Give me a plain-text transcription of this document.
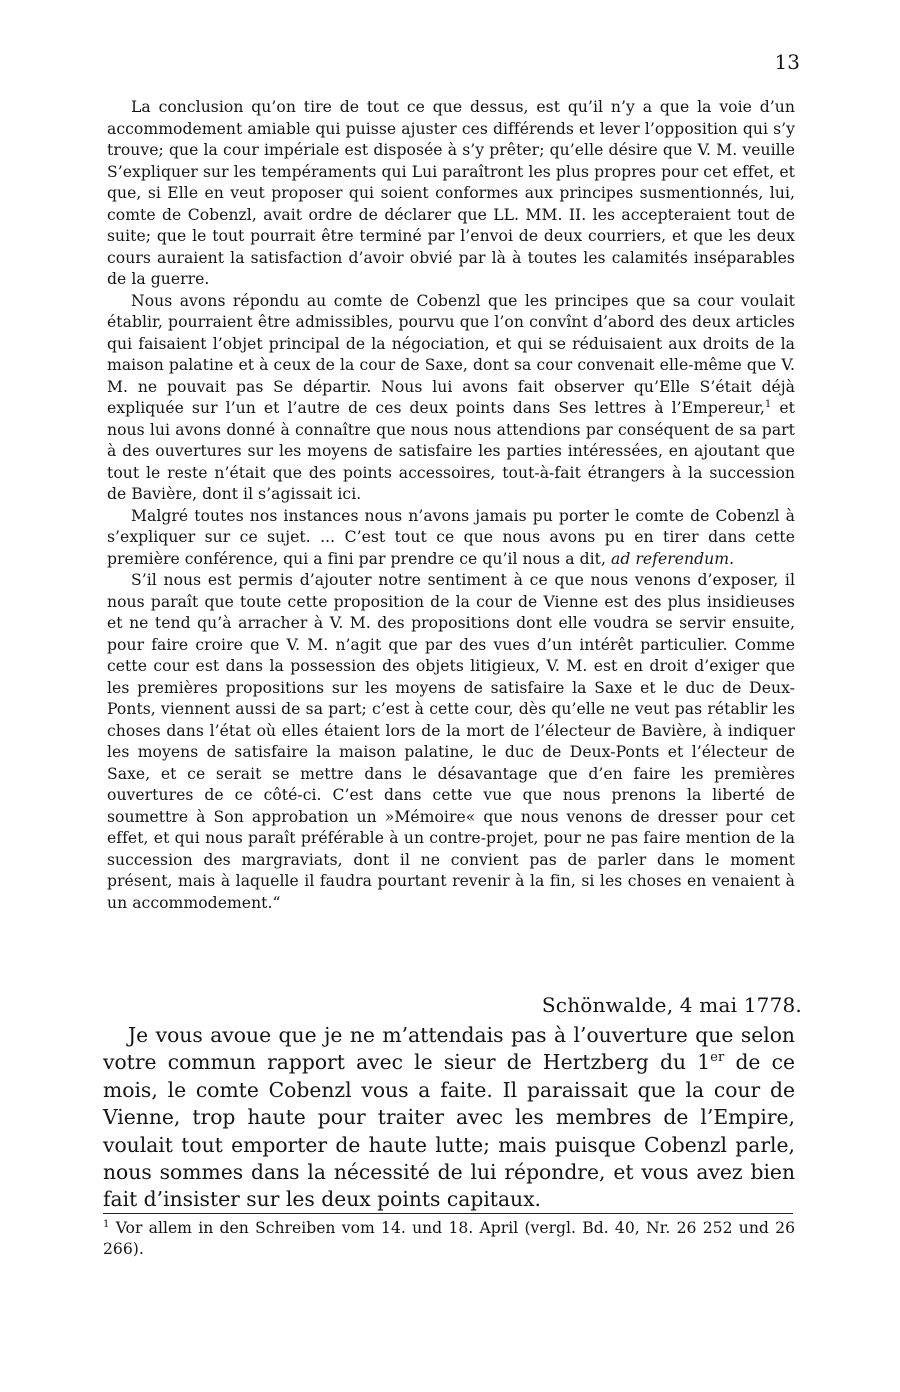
13

La conclusion qu’on tire de tout ce que dessus, est qu’il n’y a que la voie d’un accommodement amiable qui puisse ajuster ces différends et lever l’opposition qui s’y trouve; que la cour impériale est disposée à s’y prêter; qu’elle désire que V. M. veuille S’expliquer sur les tempéraments qui Lui paraîtront les plus propres pour cet effet, et que, si Elle en veut proposer qui soient conformes aux principes susmentionnés, lui, comte de Cobenzl, avait ordre de déclarer que LL. MM. II. les accepteraient tout de suite; que le tout pourrait être terminé par l’envoi de deux courriers, et que les deux cours auraient la satisfaction d’avoir obvié par là à toutes les calamités inséparables de la guerre.

Nous avons répondu au comte de Cobenzl que les principes que sa cour voulait établir, pourraient être admissibles, pourvu que l’on convînt d’abord des deux articles qui faisaient l’objet principal de la négociation, et qui se réduisaient aux droits de la maison palatine et à ceux de la cour de Saxe, dont sa cour convenait elle-même que V. M. ne pouvait pas Se départir. Nous lui avons fait observer qu’Elle S’était déjà expliquée sur l’un et l’autre de ces deux points dans Ses lettres à l’Empereur,$^1$ et nous lui avons donné à connaître que nous nous attendions par conséquent de sa part à des ouvertures sur les moyens de satisfaire les parties intéressées, en ajoutant que tout le reste n’était que des points accessoires, tout-à-fait étrangers à la succession de Bavière, dont il s’agissait ici.

Malgré toutes nos instances nous n’avons jamais pu porter le comte de Cobenzl à s’expliquer sur ce sujet. ... C’est tout ce que nous avons pu en tirer dans cette première conférence, qui a fini par prendre ce qu’il nous a dit, ad referendum.

S’il nous est permis d’ajouter notre sentiment à ce que nous venons d’exposer, il nous paraît que toute cette proposition de la cour de Vienne est des plus insidieuses et ne tend qu’à arracher à V. M. des propositions dont elle voudra se servir ensuite, pour faire croire que V. M. n’agit que par des vues d’un intérêt particulier. Comme cette cour est dans la possession des objets litigieux, V. M. est en droit d’exiger que les premières propositions sur les moyens de satisfaire la Saxe et le duc de Deux-Ponts, viennent aussi de sa part; c’est à cette cour, dès qu’elle ne veut pas rétablir les choses dans l’état où elles étaient lors de la mort de l’électeur de Bavière, à indiquer les moyens de satisfaire la maison palatine, le duc de Deux-Ponts et l’électeur de Saxe, et ce serait se mettre dans le désavantage que d’en faire les premières ouvertures de ce côté-ci. C’est dans cette vue que nous prenons la liberté de soumettre à Son approbation un »Mémoire« que nous venons de dresser pour cet effet, et qui nous paraît préférable à un contre-projet, pour ne pas faire mention de la succession des margraviats, dont il ne convient pas de parler dans le moment présent, mais à laquelle il faudra pourtant revenir à la fin, si les choses en venaient à un accommodement.“

Schönwalde, 4 mai 1778.

Je vous avoue que je ne m’attendais pas à l’ouverture que selon votre commun rapport avec le sieur de Hertzberg du 1er de ce mois, le comte Cobenzl vous a faite. Il paraissait que la cour de Vienne, trop haute pour traiter avec les membres de l’Empire, voulait tout emporter de haute lutte; mais puisque Cobenzl parle, nous sommes dans la nécessité de lui répondre, et vous avez bien fait d’insister sur les deux points capitaux.

$^1$ Vor allem in den Schreiben vom 14. und 18. April (vergl. Bd. 40, Nr. 26 252 und 26 266).
